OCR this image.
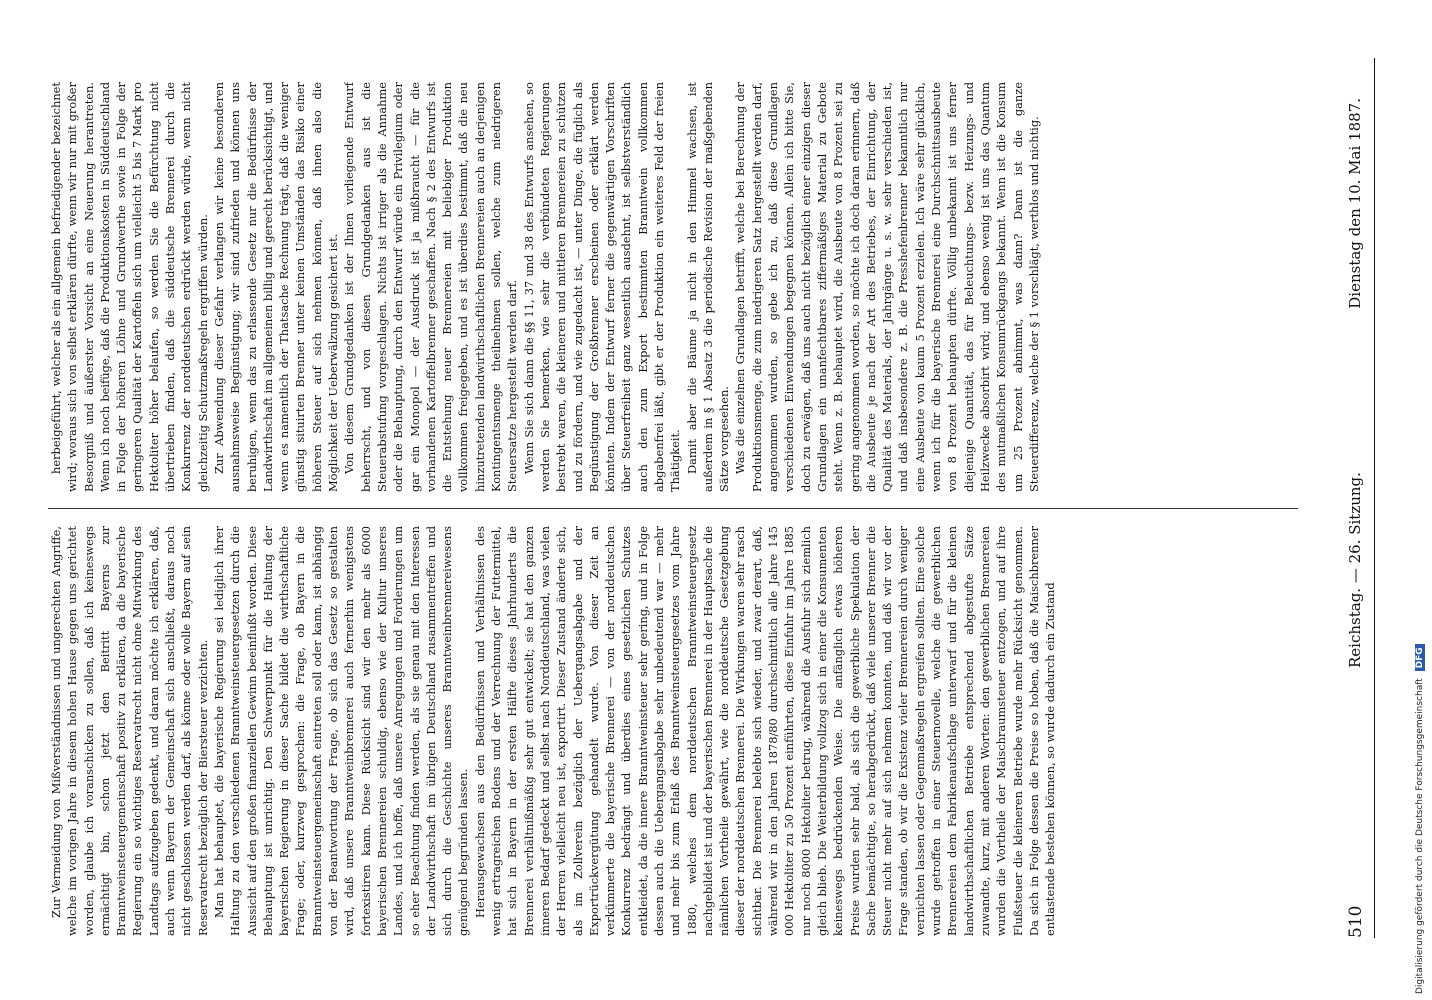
510
Reichstag. — 26. Sitzung.
Dienstag den 10. Mai 1887.

Zur Vermeidung von Mißverständnissen und ungerechten Angriffe, welche im vorigen Jahre in diesem hohen Hause gegen uns gerichtet worden, glaube ich voranschicken zu sollen, daß ich keineswegs ermächtigt bin, schon jetzt den Beitritt Bayerns zur Branntweinsteuergemeinschaft positiv zu erklären, da die bayerische Regierung ein so wichtiges Reservatrecht nicht ohne Mitwirkung des Landtags aufzugeben gedenkt, und daran möchte ich erklären, daß, auch wenn Bayern der Gemeinschaft sich anschließt, daraus noch nicht geschlossen werden darf, als könne oder wolle Bayern auf sein Reservatrecht bezüglich der Biersteuer verzichten. Man hat behauptet, die bayerische Regierung sei lediglich ihrer Haltung zu den verschiedenen Branntweinsteuergesetzen durch die Aussicht auf den großen finanziellen Gewinn beeinflußt worden. Diese Behauptung ist unrichtig. Den Schwerpunkt für die Haltung der bayerischen Regierung in dieser Sache bildet die wirthschaftliche Frage; oder, kurzweg gesprochen: die Frage, ob Bayern in die Branntweinsteuergemeinschaft eintreten soll oder kann, ist abhängig von der Beantwortung der Frage, ob sich das Gesetz so gestalten wird, daß unsere Branntweinbrennerei auch fernerhin wenigstens fortexistiren kann. Diese Rücksicht sind wir den mehr als 6000 bayerischen Brennereien schuldig, ebenso wie der Kultur unseres Landes, und ich hoffe, daß unsere Anregungen und Forderungen um so eher Beachtung finden werden, als sie genau mit den Interessen der Landwirthschaft im übrigen Deutschland zusammentreffen und sich durch die Geschichte unseres Branntweinbrennereiwesens genügend begründen lassen. Herausgewachsen aus den Bedürfnissen und Verhältnissen des wenig ertragreichen Bodens und der Verrechnung der Futtermittel, hat sich in Bayern in der ersten Hälfte dieses Jahrhunderts die Brennerei verhältnißmäßig sehr gut entwickelt; sie hat den ganzen inneren Bedarf gedeckt und selbst nach Norddeutschland, was vielen der Herren vielleicht neu ist, exportirt. Dieser Zustand änderte sich, als im Zollverein bezüglich der Uebergangsabgabe und der Exportrückvergütung gehandelt wurde. Von dieser Zeit an verkümmerte die bayerische Brennerei — von der norddeutschen Konkurrenz bedrängt und überdies eines gesetzlichen Schutzes entkleidet, da die innere Branntweinsteuer sehr gering, und in Folge dessen auch die Uebergangsabgabe sehr unbedeutend war — mehr und mehr bis zum Erlaß des Branntweinsteuergesetzes vom Jahre 1880, welches dem norddeutschen Branntweinsteuergesetz nachgebildet ist und der bayerischen Brennerei in der Hauptsache die nämlichen Vortheile gewährt, wie die norddeutsche Gesetzgebung dieser der norddeutschen Brennerei. Die Wirkungen waren sehr rasch sichtbar. Die Brennerei belebte sich wieder, und zwar derart, daß, während wir in den Jahren 1878/80 durchschnittlich alle Jahre 145 000 Hektoliter zu 50 Prozent einführten, diese Einfuhr im Jahre 1885 nur noch 8000 Hektoliter betrug, während die Ausfuhr sich ziemlich gleich blieb. Die Weiterbildung vollzog sich in einer die Konsumenten keineswegs bedrückenden Weise. Die anfänglich etwas höheren Preise wurden sehr bald, als sich die gewerbliche Spekulation der Sache bemächtigte, so herabgedrückt, daß viele unserer Brenner die Steuer nicht mehr auf sich nehmen konnten, und daß wir vor der Frage standen, ob wir die Existenz vieler Brennereien durch weniger vernichten lassen oder Gegenmaßregeln ergreifen sollten. Eine solche wurde getroffen in einer Steuernovelle, welche die gewerblichen Brennereien dem Fabrikenaufschlage unterwarf und für die kleinen landwirthschaftlichen Betriebe entsprechend abgestufte Sätze zuwandte, kurz, mit anderen Worten: den gewerblichen Brennereien wurden die Vortheile der Maischraumsteuer entzogen, und auf ihre Flußsteuer die kleineren Betriebe wurde mehr Rücksicht genommen. Da sich in Folge dessen die Preise so hoben, daß die Maischbrenner entlastende bestehen können, so wurde dadurch ein Zustand

herbeigeführt, welcher als ein allgemein befriedigender bezeichnet wird; woraus sich von selbst erklären dürfte, wenn wir nur mit großer Besorgniß und äußerster Vorsicht an eine Neuerung herantreten. Wenn ich noch beifüge, daß die Produktionskosten in Süddeutschland in Folge der höheren Löhne und Grundwerthe sowie in Folge der geringeren Qualität der Kartoffeln sich um vielleicht 5 bis 7 Mark pro Hektoliter höher belaufen, so werden Sie die Befürchtung nicht übertrieben finden, daß die süddeutsche Brennerei durch die Konkurrenz der norddeutschen erdrückt werden würde, wenn nicht gleichzeitig Schutzmaßregeln ergriffen würden. Zur Abwendung dieser Gefahr verlangen wir keine besonderen ausnahmsweise Begünstigung; wir sind zufrieden und können uns beruhigen, wenn das zu erlassende Gesetz nur die Bedürfnisse der Landwirthschaft im allgemeinen billig und gerecht berücksichtigt, und wenn es namentlich der Thatsache Rechnung trägt, daß die weniger günstig situirten Brenner unter keinen Umständen das Risiko einer höheren Steuer auf sich nehmen können, daß ihnen also die Möglichkeit der Ueberwälzung gesichert ist. Von diesem Grundgedanken ist der Ihnen vorliegende Entwurf beherrscht, und von diesen Grundgedanken aus ist die Steuerabstufung vorgeschlagen. Nichts ist irriger als die Annahme oder die Behauptung, durch den Entwurf würde ein Privilegium oder gar ein Monopol — der Ausdruck ist ja mißbraucht — für die vorhandenen Kartoffelbrenner geschaffen. Nach § 2 des Entwurfs ist die Entstehung neuer Brennereien mit beliebiger Produktion vollkommen freigegeben, und es ist überdies bestimmt, daß die neu hinzutretenden landwirthschaftlichen Brennereien auch an derjenigen Kontingentsmenge theilnehmen sollen, welche zum niedrigeren Steuersatze hergestellt werden darf. Wenn Sie sich dann die §§ 11, 37 und 38 des Entwurfs ansehen, so werden Sie bemerken, wie sehr die verbündeten Regierungen bestrebt waren, die kleineren und mittleren Brennereien zu schützen und zu fördern, und wie zugedacht ist, — unter Dinge, die füglich als Begünstigung der Großbrenner erscheinen oder erklärt werden könnten. Indem der Entwurf ferner die gegenwärtigen Vorschriften über Steuerfreiheit ganz wesentlich ausdehnt, ist selbstverständlich auch den zum Export bestimmten Branntwein vollkommen abgabenfrei läßt, gibt er der Produktion ein weiteres Feld der freien Thätigkeit. Damit aber die Bäume ja nicht in den Himmel wachsen, ist außerdem in § 1 Absatz 3 die periodische Revision der maßgebenden Sätze vorgesehen. Was die einzelnen Grundlagen betrifft, welche bei Berechnung der Produktionsmenge, die zum niedrigeren Satz hergestellt werden darf, angenommen wurden, so gebe ich zu, daß diese Grundlagen verschiedenen Einwendungen begegnen können. Allein ich bitte Sie, doch zu erwägen, daß uns auch nicht bezüglich einer einzigen dieser Grundlagen ein unanfechtbares ziffermäßiges Material zu Gebote steht. Wenn z. B. behauptet wird, die Ausbeute von 8 Prozent sei zu gering angenommen worden, so möchte ich doch daran erinnern, daß die Ausbeute je nach der Art des Betriebes, der Einrichtung, der Qualität des Materials, der Jahrgänge u. s. w. sehr verschieden ist, und daß insbesondere z. B. die Presshefenbrenner bekanntlich nur eine Ausbeute von kaum 5 Prozent erzielen. Ich wäre sehr glücklich, wenn ich für die bayerische Brennerei eine Durchschnittsausbeute von 8 Prozent behaupten dürfte. Völlig unbekannt ist uns ferner diejenige Quantität, das für Beleuchtungs- bezw. Heizungs- und Heilzwecke absorbirt wird; und ebenso wenig ist uns das Quantum des mutmaßlichen Konsumrückgangs bekannt. Wenn ist die Konsum um 25 Prozent abnimmt, was dann? Dann ist die ganze Steuerdifferenz, welche der § 1 vorschlägt, werthlos und nichtig.

Digitalisierung gefördert durch die Deutsche Forschungsgemeinschaft DFG
